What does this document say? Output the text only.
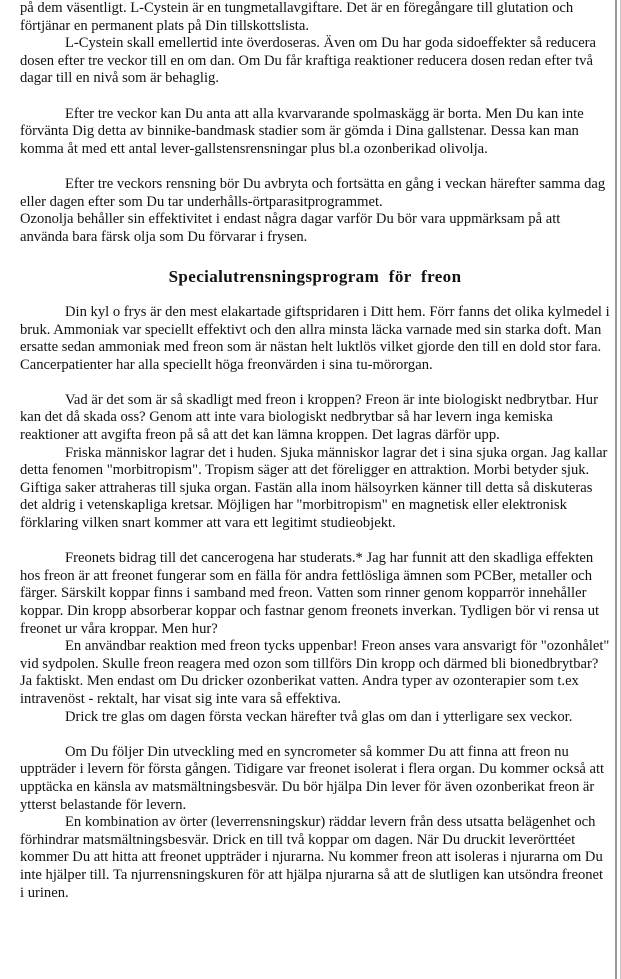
på dem väsentligt. L-Cystein är en tungmetallavgiftare. Det är en föregångare till glutation och förtjänar en permanent plats på Din tillskottslista.

L-Cystein skall emellertid inte överdoseras. Även om Du har goda sidoeffekter så reducera dosen efter tre veckor till en om dan. Om Du får kraftiga reaktioner reducera dosen redan efter två dagar till en nivå som är behaglig.

Efter tre veckor kan Du anta att alla kvarvarande spolmaskägg är borta. Men Du kan inte förvänta Dig detta av binnike-bandmask stadier som är gömda i Dina gallstenar. Dessa kan man komma åt med ett antal lever-gallstensrensningar plus bl.a ozonberikad olivolja.

Efter tre veckors rensning bör Du avbryta och fortsätta en gång i veckan härefter samma dag eller dagen efter som Du tar underhålls-örtparasitprogrammet.

Ozonolja behåller sin effektivitet i endast några dagar varför Du bör vara uppmärksam på att använda bara färsk olja som Du förvarar i frysen.

Specialutrensningsprogram för freon

Din kyl o frys är den mest elakartade giftspridaren i Ditt hem. Förr fanns det olika kylmedel i bruk. Ammoniak var speciellt effektivt och den allra minsta läcka varnade med sin starka doft. Man ersatte sedan ammoniak med freon som är nästan helt luktlös vilket gjorde den till en dold stor fara. Cancerpatienter har alla speciellt höga freonvärden i sina tu-mörorgan.

Vad är det som är så skadligt med freon i kroppen? Freon är inte biologiskt nedbrytbar. Hur kan det då skada oss? Genom att inte vara biologiskt nedbrytbar så har levern inga kemiska reaktioner att avgifta freon på så att det kan lämna kroppen. Det lagras därför upp.

Friska människor lagrar det i huden. Sjuka människor lagrar det i sina sjuka organ. Jag kallar detta fenomen "morbitropism". Tropism säger att det föreligger en attraktion. Morbi betyder sjuk. Giftiga saker attraheras till sjuka organ. Fastän alla inom hälsoyrken känner till detta så diskuteras det aldrig i vetenskapliga kretsar. Möjligen har "morbitropism" en magnetisk eller elektronisk förklaring vilken snart kommer att vara ett legitimt studieobjekt.

Freonets bidrag till det cancerogena har studerats.* Jag har funnit att den skadliga effekten hos freon är att freonet fungerar som en fälla för andra fettlösliga ämnen som PCBer, metaller och färger. Särskilt koppar finns i samband med freon. Vatten som rinner genom kopparrör innehåller koppar. Din kropp absorberar koppar och fastnar genom freonets inverkan. Tydligen bör vi rensa ut freonet ur våra kroppar. Men hur?

En användbar reaktion med freon tycks uppenbar! Freon anses vara ansvarigt för "ozonhålet" vid sydpolen. Skulle freon reagera med ozon som tillförs Din kropp och därmed bli bionedbrytbar? Ja faktiskt. Men endast om Du dricker ozonberikat vatten. Andra typer av ozonterapier som t.ex intravenöst - rektalt, har visat sig inte vara så effektiva.

Drick tre glas om dagen första veckan härefter två glas om dan i ytterligare sex veckor.

Om Du följer Din utveckling med en syncrometer så kommer Du att finna att freon nu uppträder i levern för första gången. Tidigare var freonet isolerat i flera organ. Du kommer också att upptäcka en känsla av matsmältningsbesvär. Du bör hjälpa Din lever för även ozonberikat freon är ytterst belastande för levern.

En kombination av örter (leverrensningskur) räddar levern från dess utsatta belägenhet och förhindrar matsmältningsbesvär. Drick en till två koppar om dagen. När Du druckit leverörttéet kommer Du att hitta att freonet uppträder i njurarna. Nu kommer freon att isoleras i njurarna om Du inte hjälper till. Ta njurrensningskuren för att hjälpa njurarna så att de slutligen kan utsöndra freonet i urinen.
